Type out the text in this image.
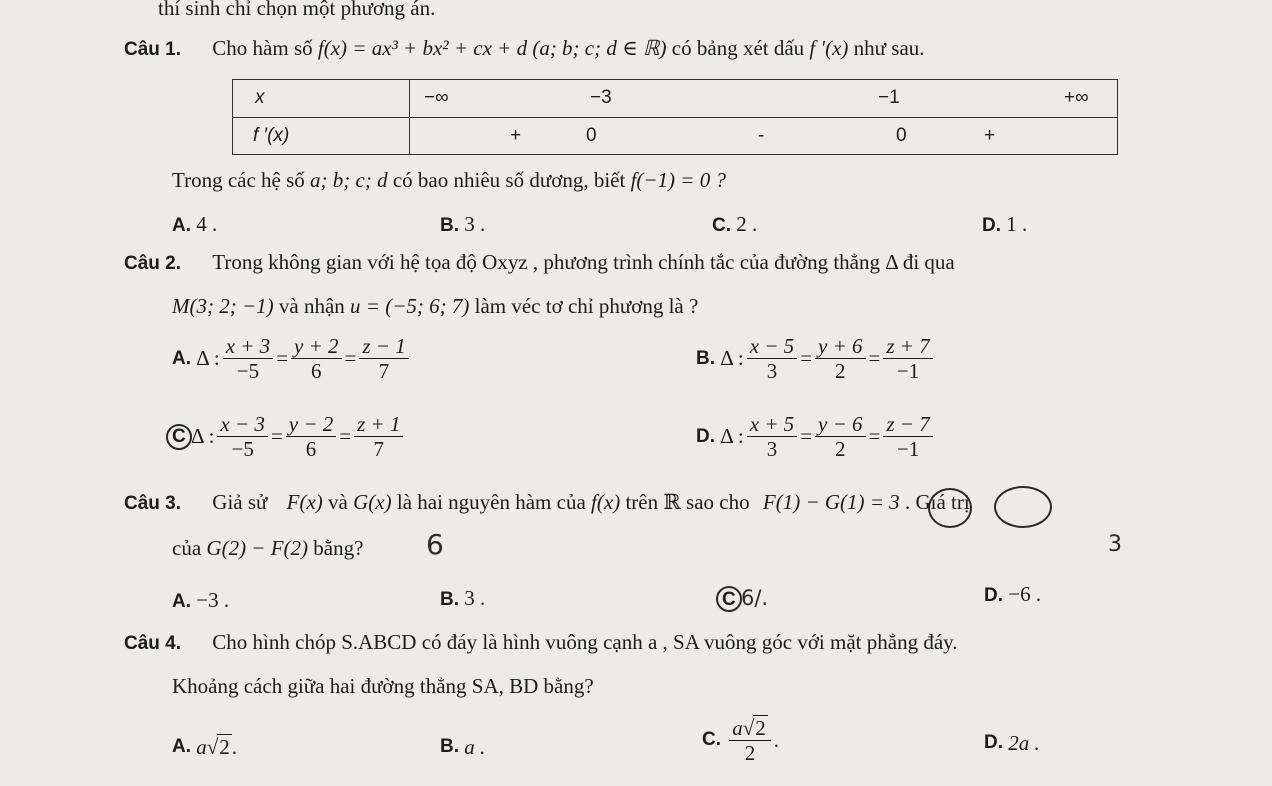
thí sinh chỉ chọn một phương án.
Câu 1. Cho hàm số f(x) = ax³ + bx² + cx + d (a; b; c; d ∈ ℝ) có bảng xét dấu f ′(x) như sau.
x	−∞ −3 −1 +∞

f ′(x)	+ 0 - 0 +
Trong các hệ số a; b; c; d có bao nhiêu số dương, biết f(−1) = 0 ?
A. 4 .	B. 3 .	C. 2 .	D. 1 .
Câu 2. Trong không gian với hệ tọa độ Oxyz , phương trình chính tắc của đường thẳng Δ đi qua
M(3; 2; −1) và nhận u = (−5; 6; 7) làm véc tơ chỉ phương là ?
A.
Δ : $\frac{x + 3}{-5} = \frac{y + 2}{6} = \frac{z - 1}{7}$	B.
Δ : $\frac{x - 5}{3} = \frac{y + 6}{2} = \frac{z + 7}{-1}$
C
Δ : $\frac{x - 3}{-5} = \frac{y - 2}{6} = \frac{z + 1}{7}$	D.
Δ : $\frac{x + 5}{3} = \frac{y - 6}{2} = \frac{z - 7}{-1}$
Câu 3. Giả sử F(x) và G(x) là hai nguyên hàm của f(x) trên ℝ sao cho F(1) − G(1) = 3 . Giá trị
của G(2) − F(2) bằng? 6	3
A. −3 .	B. 3 .	C 6/.	D. −6 .
Câu 4. Cho hình chóp S.ABCD có đáy là hình vuông cạnh a , SA vuông góc với mặt phẳng đáy.
Khoảng cách giữa hai đường thẳng SA, BD bằng?
A.
a √ 2 .	B.
a .	C.
$\frac{a√2}{2}$ .	D.
2a .
